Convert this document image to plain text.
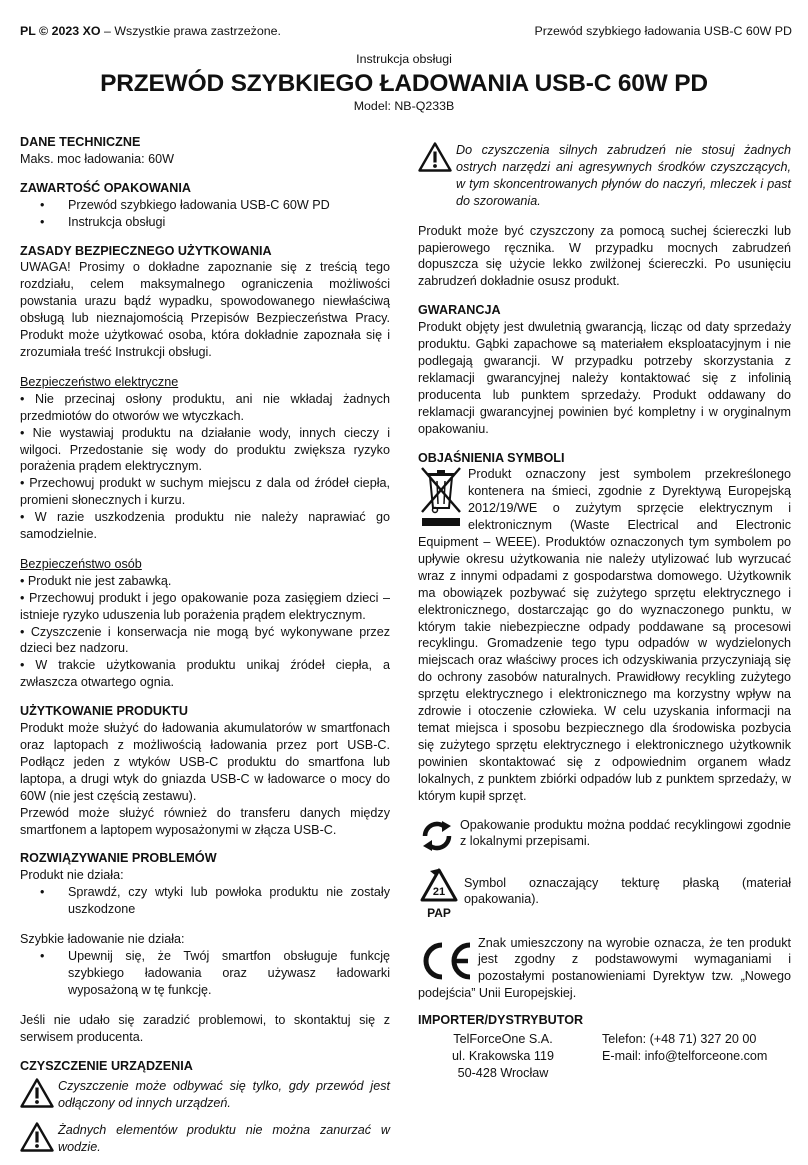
PL © 2023 XO – Wszystkie prawa zastrzeżone.	Przewód szybkiego ładowania USB-C 60W PD
Instrukcja obsługi
PRZEWÓD SZYBKIEGO ŁADOWANIA USB-C 60W PD
Model: NB-Q233B
DANE TECHNICZNE

Maks. moc ładowania: 60W

ZAWARTOŚĆ OPAKOWANIA
• Przewód szybkiego ładowania USB-C 60W PD
• Instrukcja obsługi
ZASADY BEZPIECZNEGO UŻYTKOWANIA

UWAGA! Prosimy o dokładne zapoznanie się z treścią tego rozdziału, celem maksymalnego ograniczenia możliwości powstania urazu bądź wypadku, spowodowanego niewłaściwą obsługą lub nieznajomością Przepisów Bezpieczeństwa Pracy. Produkt może użytkować osoba, która dokładnie zapoznała się i zrozumiała treść Instrukcji obsługi.

Bezpieczeństwo elektryczne

• Nie przecinaj osłony produktu, ani nie wkładaj żadnych przedmiotów do otworów we wtyczkach.

• Nie wystawiaj produktu na działanie wody, innych cieczy i wilgoci. Przedostanie się wody do produktu zwiększa ryzyko porażenia prądem elektrycznym.

• Przechowuj produkt w suchym miejscu z dala od źródeł ciepła, promieni słonecznych i kurzu.

• W razie uszkodzenia produktu nie należy naprawiać go samodzielnie.

Bezpieczeństwo osób

• Produkt nie jest zabawką.

• Przechowuj produkt i jego opakowanie poza zasięgiem dzieci – istnieje ryzyko uduszenia lub porażenia prądem elektrycznym.

• Czyszczenie i konserwacja nie mogą być wykonywane przez dzieci bez nadzoru.

• W trakcie użytkowania produktu unikaj źródeł ciepła, a zwłaszcza otwartego ognia.

UŻYTKOWANIE PRODUKTU

Produkt może służyć do ładowania akumulatorów w smartfonach oraz laptopach z możliwością ładowania przez port USB-C. Podłącz jeden z wtyków USB-C produktu do smartfona lub laptopa, a drugi wtyk do gniazda USB-C w ładowarce o mocy do 60W (nie jest częścią zestawu).

Przewód może służyć również do transferu danych między smartfonem a laptopem wyposażonymi w złącza USB-C.

ROZWIĄZYWANIE PROBLEMÓW

Produkt nie działa:

• Sprawdź, czy wtyki lub powłoka produktu nie zostały uszkodzone

Szybkie ładowanie nie działa:

• Upewnij się, że Twój smartfon obsługuje funkcję szybkiego ładowania oraz używasz ładowarki wyposażoną w tę funkcję.

Jeśli nie udało się zaradzić problemowi, to skontaktuj się z serwisem producenta.

CZYSZCZENIE URZĄDZENIA

Czyszczenie może odbywać się tylko, gdy przewód jest odłączony od innych urządzeń.

Żadnych elementów produktu nie można zanurzać w wodzie.

Do czyszczenia silnych zabrudzeń nie stosuj żadnych ostrych narzędzi ani agresywnych środków czyszczących, w tym skoncentrowanych płynów do naczyń, mleczek i past do szorowania.

Produkt może być czyszczony za pomocą suchej ściereczki lub papierowego ręcznika. W przypadku mocnych zabrudzeń dopuszcza się użycie lekko zwilżonej ściereczki. Po usunięciu zabrudzeń dokładnie osusz produkt.

GWARANCJA

Produkt objęty jest dwuletnią gwarancją, licząc od daty sprzedaży produktu. Gąbki zapachowe są materiałem eksploatacyjnym i nie podlegają gwarancji. W przypadku potrzeby skorzystania z reklamacji gwarancyjnej należy kontaktować się z infolinią producenta lub punktem sprzedaży. Produkt oddawany do reklamacji gwarancyjnej powinien być kompletny i w oryginalnym opakowaniu.

OBJAŚNIENIA SYMBOLI

Produkt oznaczony jest symbolem przekreślonego kontenera na śmieci, zgodnie z Dyrektywą Europejską 2012/19/WE o zużytym sprzęcie elektrycznym i elektronicznym (Waste Electrical and Electronic Equipment – WEEE). Produktów oznaczonych tym symbolem po upływie okresu użytkowania nie należy utylizować lub wyrzucać wraz z innymi odpadami z gospodarstwa domowego. Użytkownik ma obowiązek pozbywać się zużytego sprzętu elektrycznego i elektronicznego, dostarczając go do wyznaczonego punktu, w którym takie niebezpieczne odpady poddawane są procesowi recyklingu. Gromadzenie tego typu odpadów w wydzielonych miejscach oraz właściwy proces ich odzyskiwania przyczyniają się do ochrony zasobów naturalnych. Prawidłowy recykling zużytego sprzętu elektrycznego i elektronicznego ma korzystny wpływ na zdrowie i otoczenie człowieka. W celu uzyskania informacji na temat miejsca i sposobu bezpiecznego dla środowiska pozbycia się zużytego sprzętu elektrycznego i elektronicznego użytkownik powinien skontaktować się z odpowiednim organem władz lokalnych, z punktem zbiórki odpadów lub z punktem sprzedaży, w którym kupił sprzęt.

Opakowanie produktu można poddać recyklingowi zgodnie z lokalnymi przepisami.

21
PAP

Symbol oznaczający tekturę płaską (materiał opakowania).

Znak umieszczony na wyrobie oznacza, że ten produkt jest zgodny z podstawowymi wymaganiami i pozostałymi postanowieniami Dyrektyw tzw. „Nowego podejścia” Unii Europejskiej.

IMPORTER/DYSTRYBUTOR
TelForceOne S.A.
ul. Krakowska 119
50-428 Wrocław
Telefon: (+48 71) 327 20 00
E-mail: info@telforceone.com
